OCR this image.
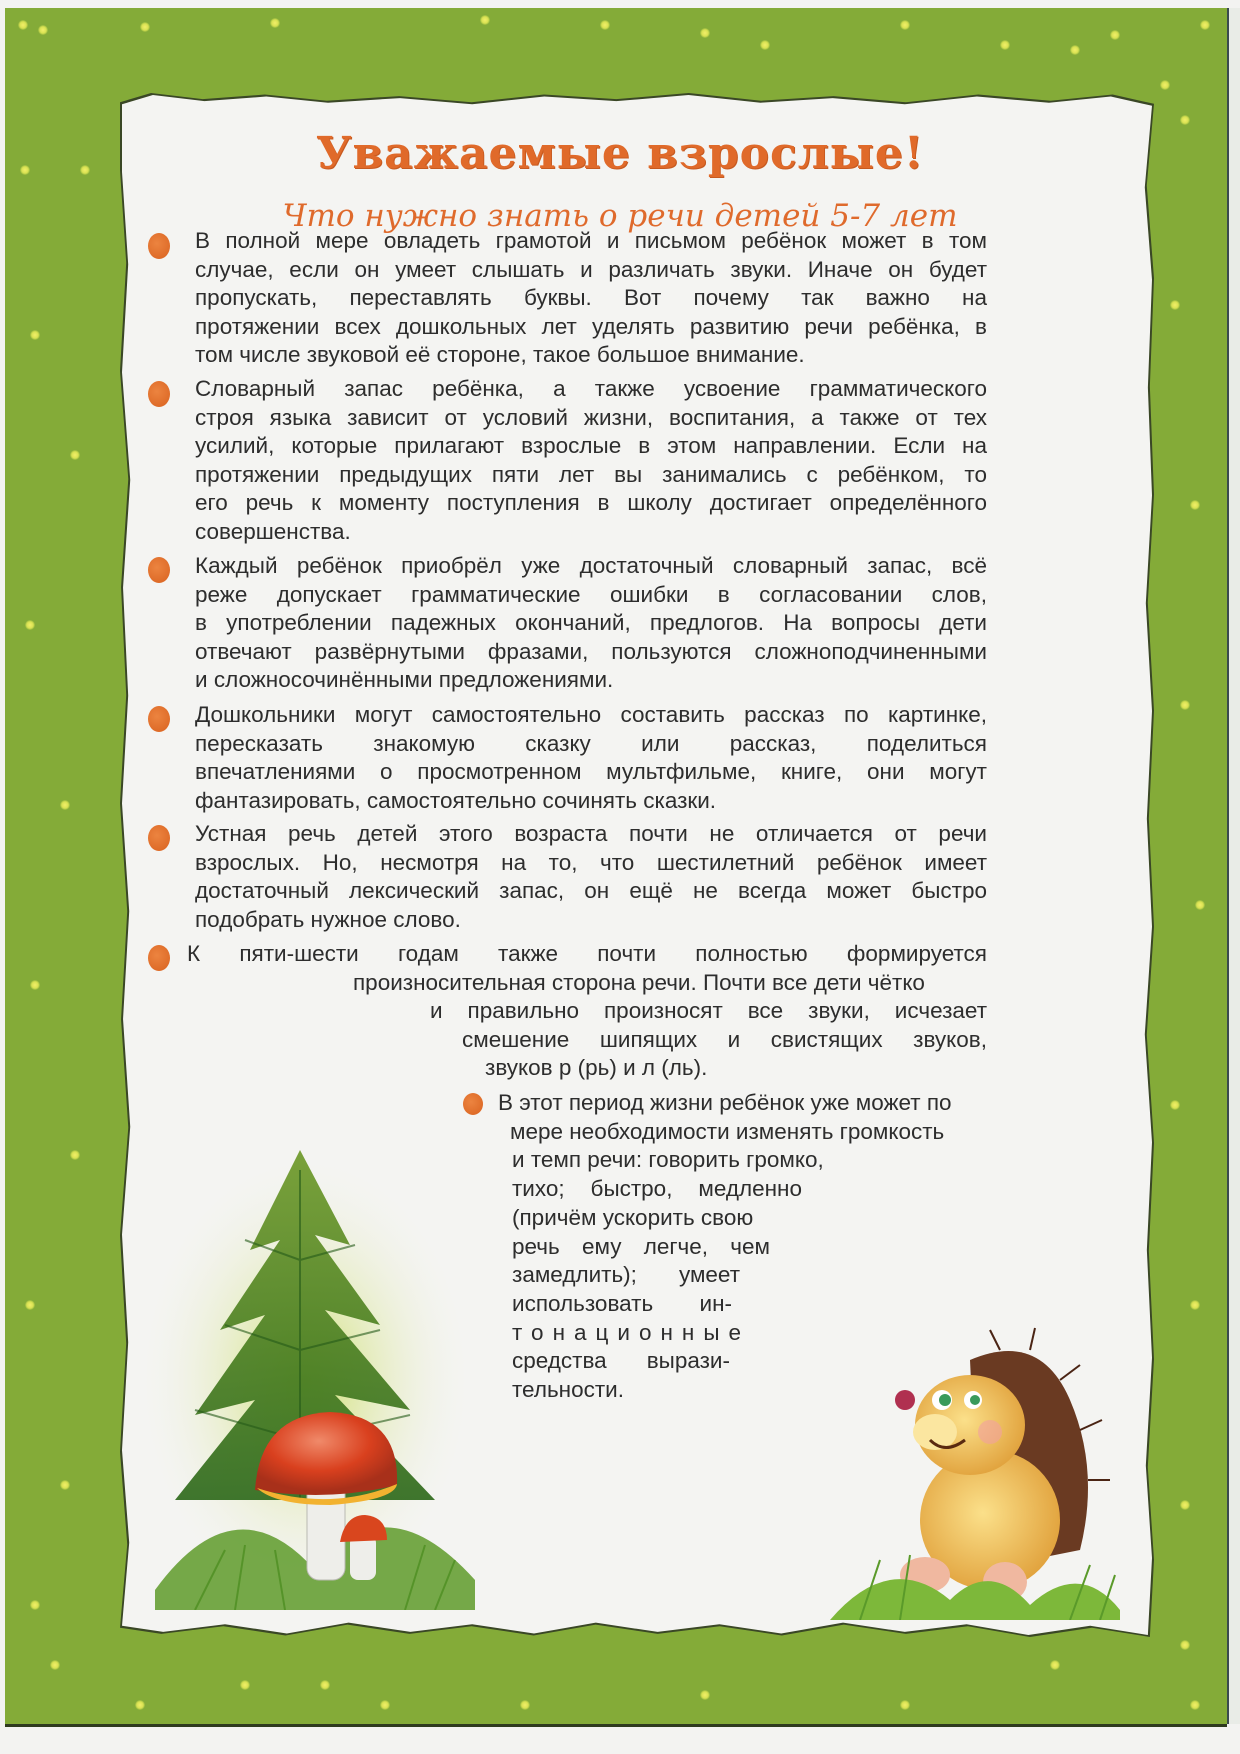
Уважаемые взрослые!
Что нужно знать о речи детей 5-7 лет
В полной мере овладеть грамотой и письмом ребёнок может в том
случае, если он умеет слышать и различать звуки. Иначе он будет
пропускать, переставлять буквы. Вот почему так важно на
протяжении всех дошкольных лет уделять развитию речи ребёнка, в
том числе звуковой её стороне, такое большое внимание.
Словарный запас ребёнка, а также усвоение грамматического
строя языка зависит от условий жизни, воспитания, а также от тех
усилий, которые прилагают взрослые в этом направлении. Если на
протяжении предыдущих пяти лет вы занимались с ребёнком, то
его речь к моменту поступления в школу достигает определённого
совершенства.
Каждый ребёнок приобрёл уже достаточный словарный запас, всё
реже допускает грамматические ошибки в согласовании слов,
в употреблении падежных окончаний, предлогов. На вопросы дети
отвечают развёрнутыми фразами, пользуются сложноподчиненными
и сложносочинёнными предложениями.
Дошкольники могут самостоятельно составить рассказ по картинке,
пересказать знакомую сказку или рассказ, поделиться
впечатлениями о просмотренном мультфильме, книге, они могут
фантазировать, самостоятельно сочинять сказки.
Устная речь детей этого возраста почти не отличается от речи
взрослых. Но, несмотря на то, что шестилетний ребёнок имеет
достаточный лексический запас, он ещё не всегда может быстро
подобрать нужное слово.
К пяти-шести годам также почти полностью формируется
произносительная сторона речи. Почти все дети чётко
и правильно произносят все звуки, исчезает
смешение шипящих и свистящих звуков,
звуков р (рь) и л (ль).
В этот период жизни ребёнок уже может по
мере необходимости изменять громкость
и темп речи: говорить громко,
тихо; быстро, медленно
(причём ускорить свою
речь ему легче, чем
замедлить); умеет
использовать ин-
тонационные
средства вырази-
тельности.
